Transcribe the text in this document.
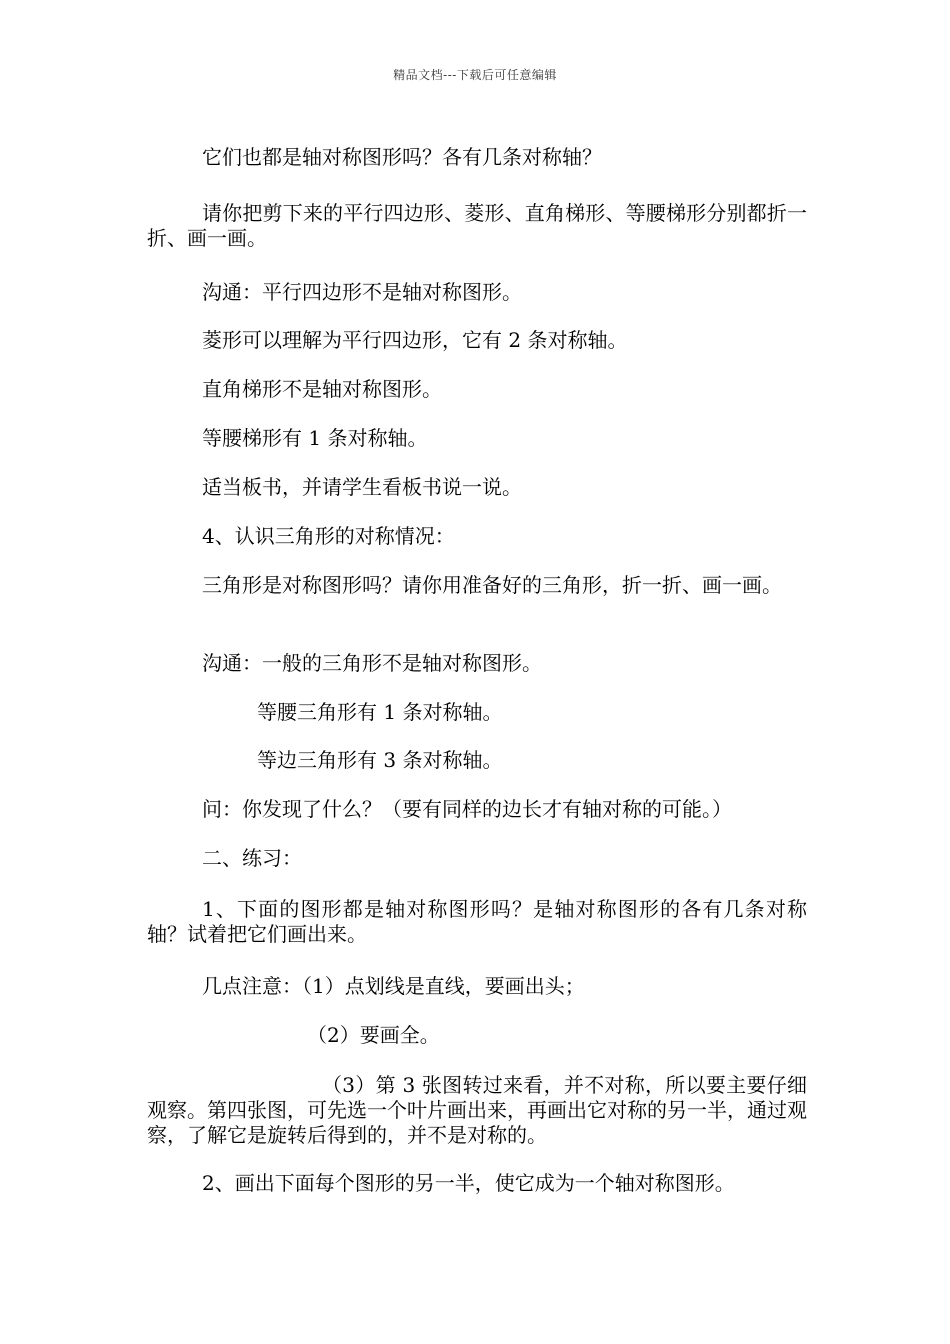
精品文档---下载后可任意编辑

它们也都是轴对称图形吗？各有几条对称轴？

请你把剪下来的平行四边形、菱形、直角梯形、等腰梯形分别都折一折、画一画。

沟通：平行四边形不是轴对称图形。

菱形可以理解为平行四边形，它有 2 条对称轴。

直角梯形不是轴对称图形。

等腰梯形有 1 条对称轴。

适当板书，并请学生看板书说一说。

4、认识三角形的对称情况：

三角形是对称图形吗？请你用准备好的三角形，折一折、画一画。

沟通：一般的三角形不是轴对称图形。

等腰三角形有 1 条对称轴。

等边三角形有 3 条对称轴。

问：你发现了什么？（要有同样的边长才有轴对称的可能。）

二、练习：

1、下面的图形都是轴对称图形吗？是轴对称图形的各有几条对称轴？试着把它们画出来。

几点注意：（1）点划线是直线，要画出头；

（2）要画全。

（3）第 3 张图转过来看，并不对称，所以要主要仔细观察。第四张图，可先选一个叶片画出来，再画出它对称的另一半，通过观察，了解它是旋转后得到的，并不是对称的。

2、画出下面每个图形的另一半，使它成为一个轴对称图形。
